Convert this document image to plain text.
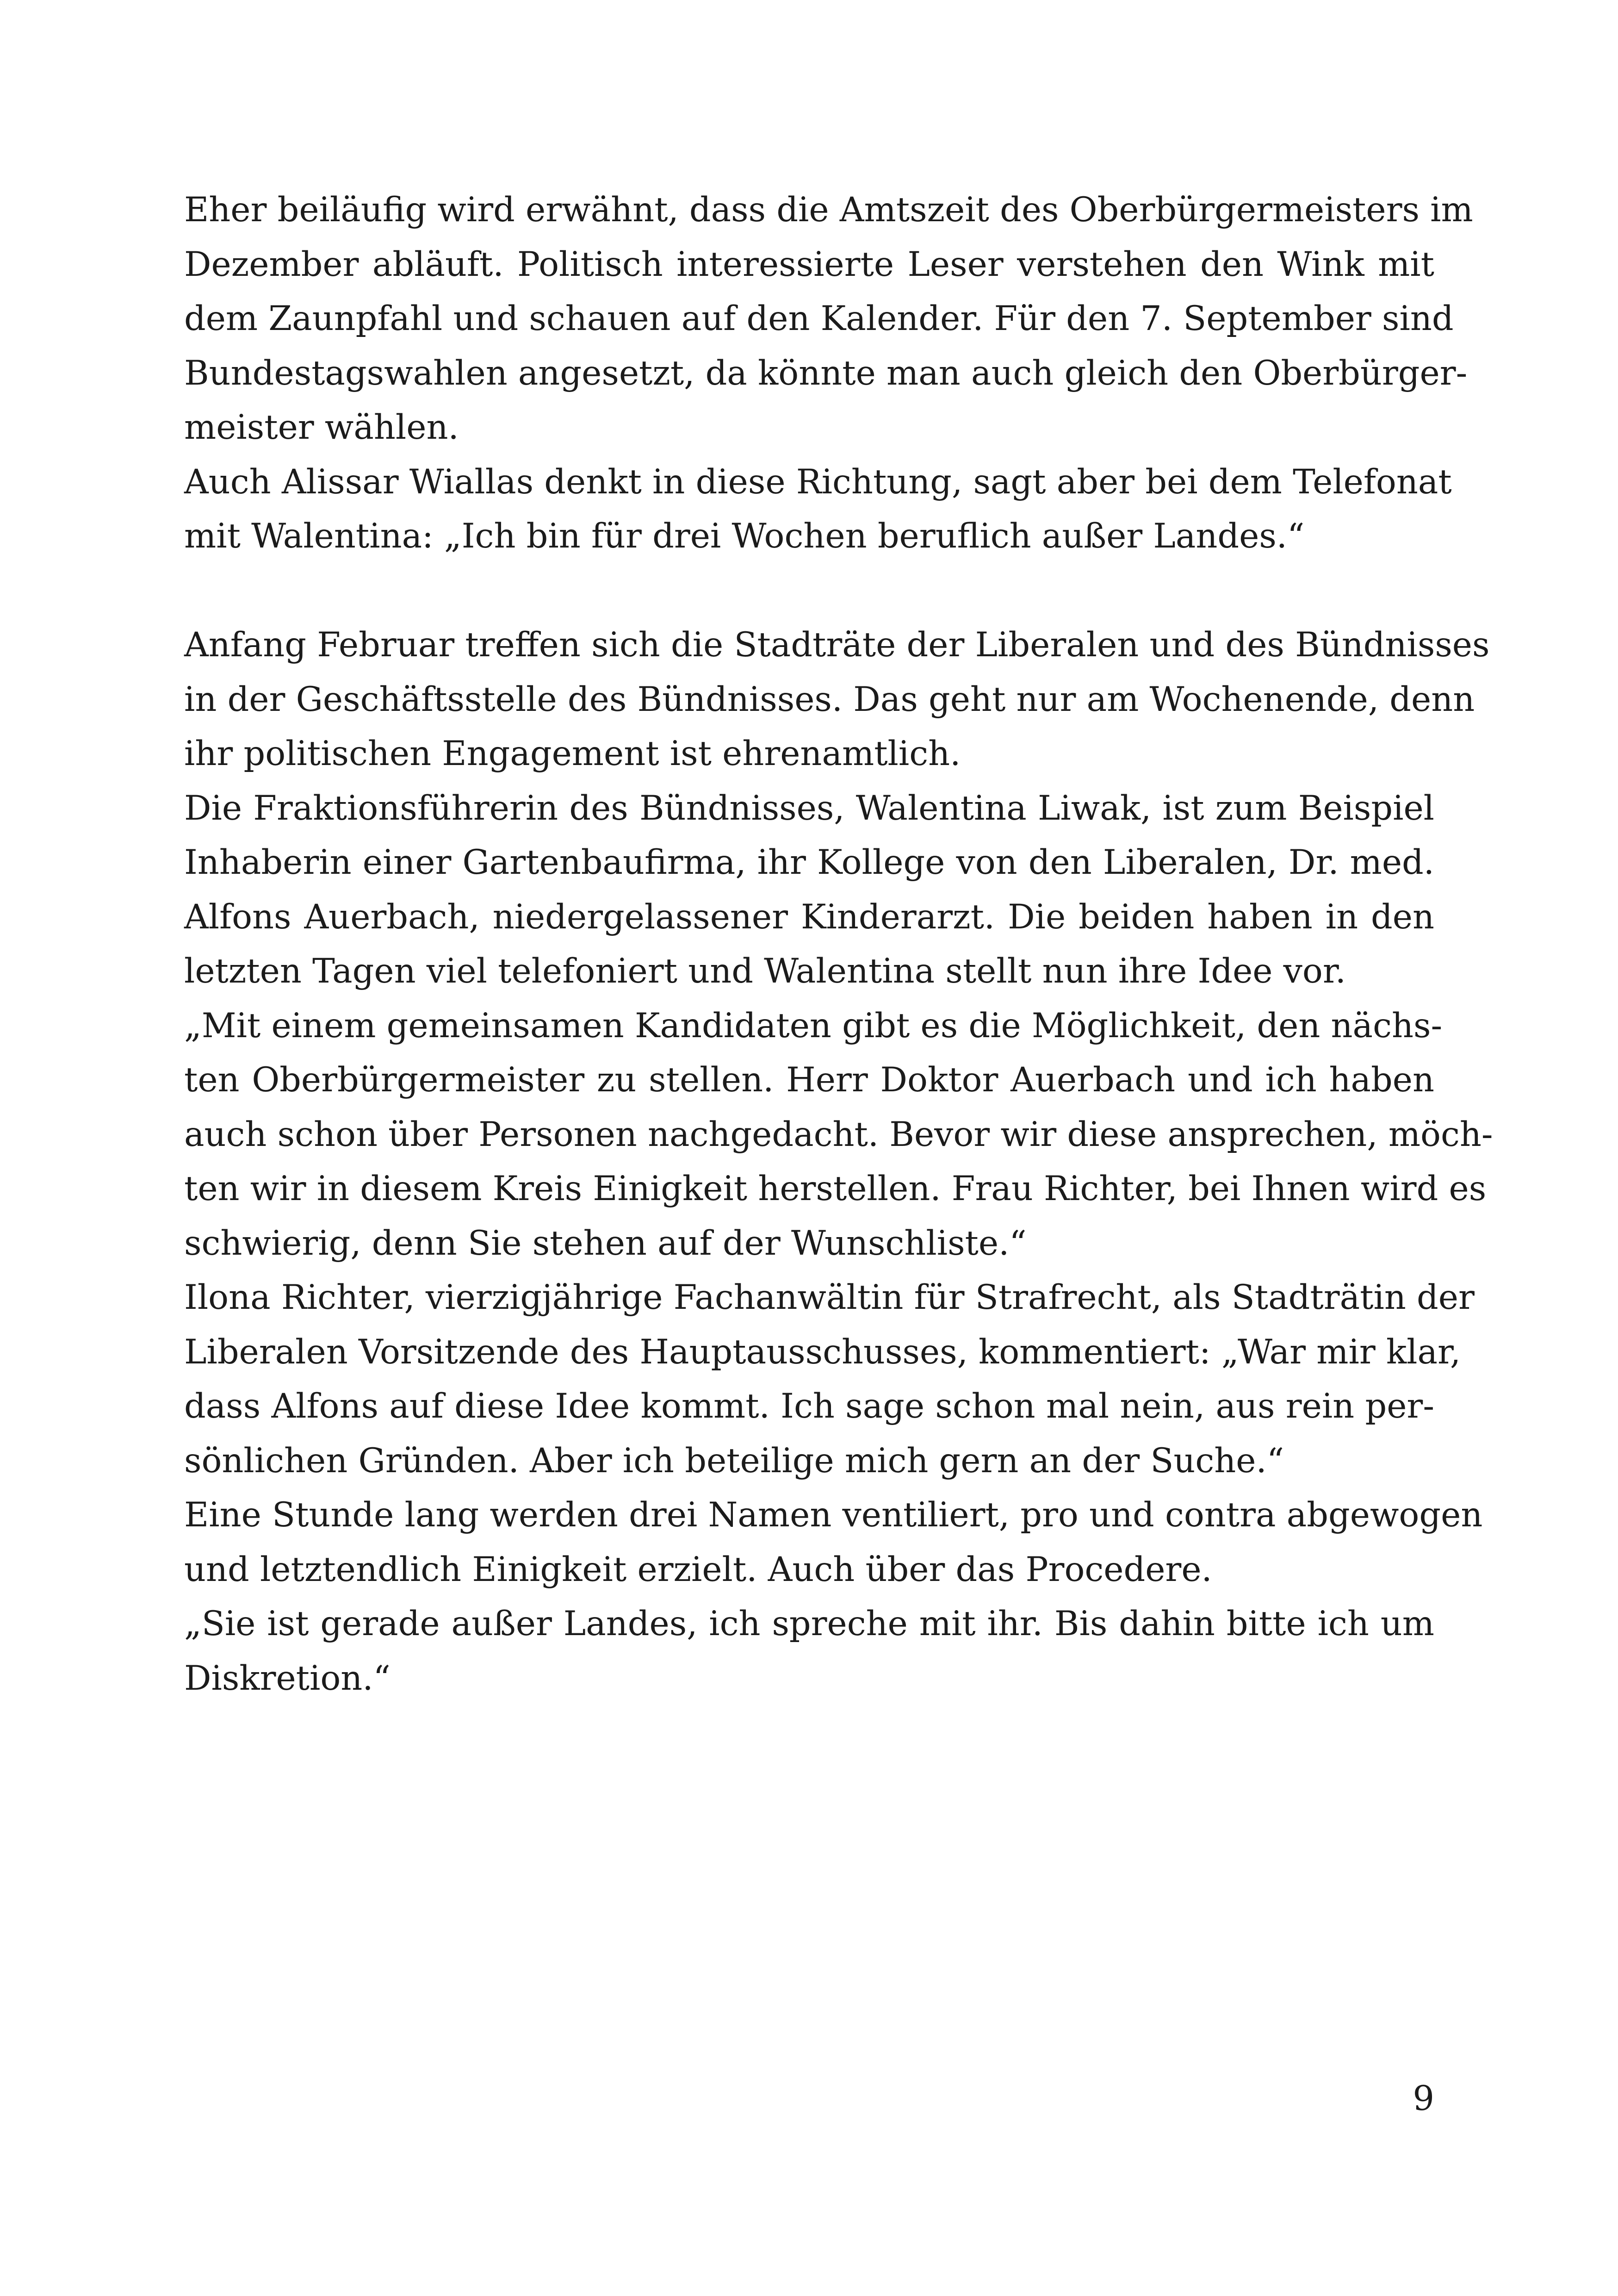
Eher beiläufig wird erwähnt, dass die Amtszeit des Oberbürgermeisters im
Dezember abläuft. Politisch interessierte Leser verstehen den Wink mit
dem Zaunpfahl und schauen auf den Kalender. Für den 7. September sind
Bundestagswahlen angesetzt, da könnte man auch gleich den Oberbürger-
meister wählen.
Auch Alissar Wiallas denkt in diese Richtung, sagt aber bei dem Telefonat
mit Walentina: „Ich bin für drei Wochen beruflich außer Landes.“
Anfang Februar treffen sich die Stadträte der Liberalen und des Bündnisses
in der Geschäftsstelle des Bündnisses. Das geht nur am Wochenende, denn
ihr politischen Engagement ist ehrenamtlich.
Die Fraktionsführerin des Bündnisses, Walentina Liwak, ist zum Beispiel
Inhaberin einer Gartenbaufirma, ihr Kollege von den Liberalen, Dr. med.
Alfons Auerbach, niedergelassener Kinderarzt. Die beiden haben in den
letzten Tagen viel telefoniert und Walentina stellt nun ihre Idee vor.
„Mit einem gemeinsamen Kandidaten gibt es die Möglichkeit, den nächs-
ten Oberbürgermeister zu stellen. Herr Doktor Auerbach und ich haben
auch schon über Personen nachgedacht. Bevor wir diese ansprechen, möch-
ten wir in diesem Kreis Einigkeit herstellen. Frau Richter, bei Ihnen wird es
schwierig, denn Sie stehen auf der Wunschliste.“
Ilona Richter, vierzigjährige Fachanwältin für Strafrecht, als Stadträtin der
Liberalen Vorsitzende des Hauptausschusses, kommentiert: „War mir klar,
dass Alfons auf diese Idee kommt. Ich sage schon mal nein, aus rein per-
sönlichen Gründen. Aber ich beteilige mich gern an der Suche.“
Eine Stunde lang werden drei Namen ventiliert, pro und contra abgewogen
und letztendlich Einigkeit erzielt. Auch über das Procedere.
„Sie ist gerade außer Landes, ich spreche mit ihr. Bis dahin bitte ich um
Diskretion.“
9
